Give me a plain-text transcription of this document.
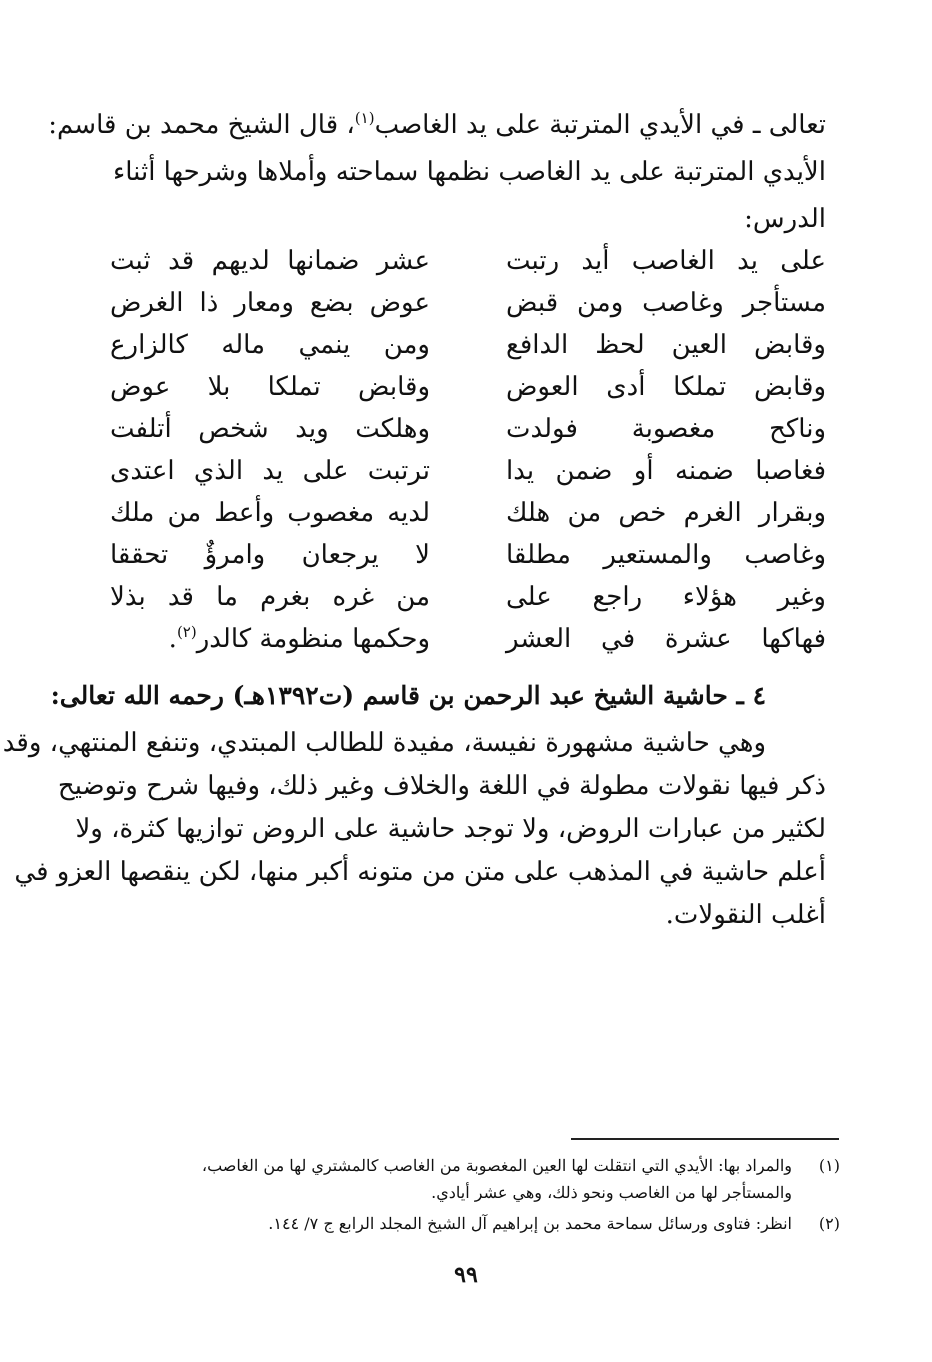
تعالى ـ في الأيدي المترتبة على يد الغاصب$^{(١)}$، قال الشيخ محمد بن قاسم:
الأيدي المترتبة على يد الغاصب نظمها سماحته وأملاها وشرحها أثناء
الدرس:
على يد الغاصب أيد رتبت
عشر ضمانها لديهم قد ثبت
مستأجر وغاصب ومن قبض
عوض بضع ومعار ذا الغرض
وقابض العين لحظ الدافع
ومن ينمي ماله كالزارع
وقابض تملكا أدى العوض
وقابض تملكا بلا عوض
وناكح مغصوبة فولدت
وهلكت ويد شخص أتلفت
فغاصبا ضمنه أو ضمن يدا
ترتبت على يد الذي اعتدى
وبقرار الغرم خص من هلك
لديه مغصوب وأعط من ملك
وغاصب والمستعير مطلقا
لا يرجعان وامرؤٌ تحققا
وغير هؤلاء راجع على
من غره بغرم ما قد بذلا
فهاكها عشرة في العشر
وحكمها منظومة كالدر$^{(٢)}$.
٤ ـ حاشية الشيخ عبد الرحمن بن قاسم (ت١٣٩٢هـ) رحمه الله تعالى:
وهي حاشية مشهورة نفيسة، مفيدة للطالب المبتدي، وتنفع المنتهي، وقد
ذكر فيها نقولات مطولة في اللغة والخلاف وغير ذلك، وفيها شرح وتوضيح
لكثير من عبارات الروض، ولا توجد حاشية على الروض توازيها كثرة، ولا
أعلم حاشية في المذهب على متن من متونه أكبر منها، لكن ينقصها العزو في
أغلب النقولات.
(١)
والمراد بها: الأيدي التي انتقلت لها العين المغصوبة من الغاصب كالمشتري لها من الغاصب،
والمستأجر لها من الغاصب ونحو ذلك، وهي عشر أيادي.
(٢)
انظر: فتاوى ورسائل سماحة محمد بن إبراهيم آل الشيخ المجلد الرابع ج ٧/ ١٤٤.
٩٩
